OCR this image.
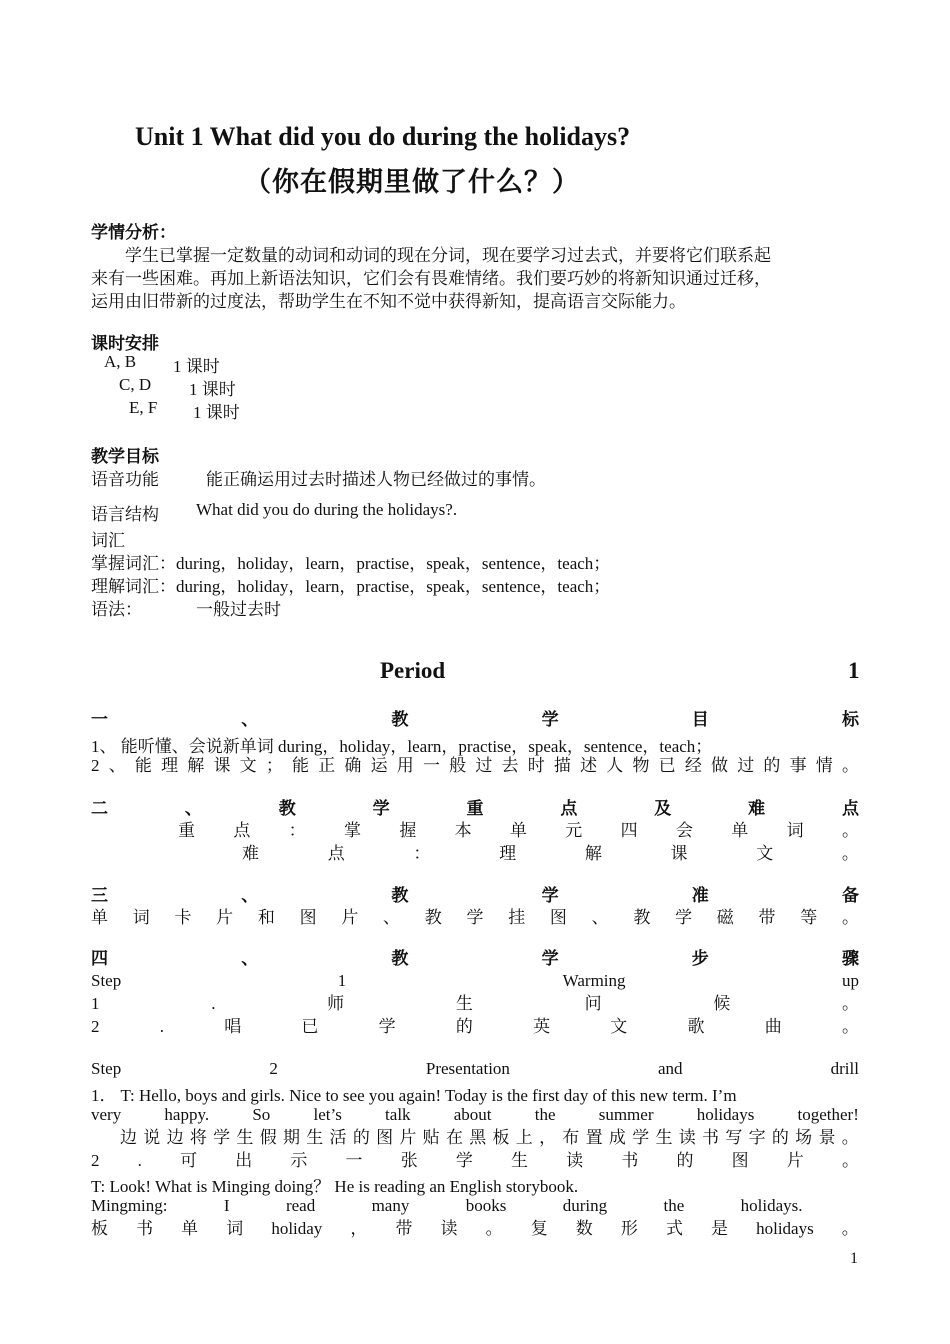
Unit 1 What did you do during the holidays?
（你在假期里做了什么？）
学情分析：
学生已掌握一定数量的动词和动词的现在分词，现在要学习过去式，并要将它们联系起
来有一些困难。再加上新语法知识，它们会有畏难情绪。我们要巧妙的将新知识通过迁移，
运用由旧带新的过度法，帮助学生在不知不觉中获得新知，提高语言交际能力。
课时安排
A, B 1 课时
C, D 1 课时
E, F 1 课时
教学目标
语音功能	能正确运用过去时描述人物已经做过的事情。
语言结构 What did you do during the holidays?.
词汇
掌握词汇：during，holiday，learn，practise，speak，sentence，teach；
理解词汇：during，holiday，learn，practise，speak，sentence，teach；
语法：	一般过去时
Period	1
一	、	教	学	目	标
1、 能听懂、会说新单词 during，holiday，learn，practise，speak，sentence，teach；
2 、 能 理 解 课 文 ； 能 正 确 运 用 一 般 过 去 时 描 述 人 物 已 经 做 过 的 事 情 。
二	、	教	学	重	点	及	难	点
重 点 ： 掌 握 本 单 元 四 会 单 词 。
难	点	：	理	解	课	文	。
三	、	教	学	准	备
单 词 卡 片 和 图 片 、 教 学 挂 图 、 教 学 磁 带 等 。
四	、	教	学	步	骤
Step	1	Warming	up
1	.	师	生	问	候	。
2	.	唱	已	学	的	英	文	歌	曲	。
Step	2	Presentation	and	drill
1． T: Hello, boys and girls. Nice to see you again! Today is the first day of this new term. I’m
very	happy.	So	let’s	talk	about	the	summer	holidays	together!
边 说 边 将 学 生 假 期 生 活 的 图 片 贴 在 黑 板 上 ， 布 置 成 学 生 读 书 写 字 的 场 景 。
2 . 可 出 示 一 张 学 生 读 书 的 图 片 。
T: Look! What is Minging doing？ He is reading an English storybook.
Mingming:	I	read	many	books	during	the	holidays.
板 书 单 词 holiday ， 带 读 。 复 数 形 式 是 holidays 。
1
